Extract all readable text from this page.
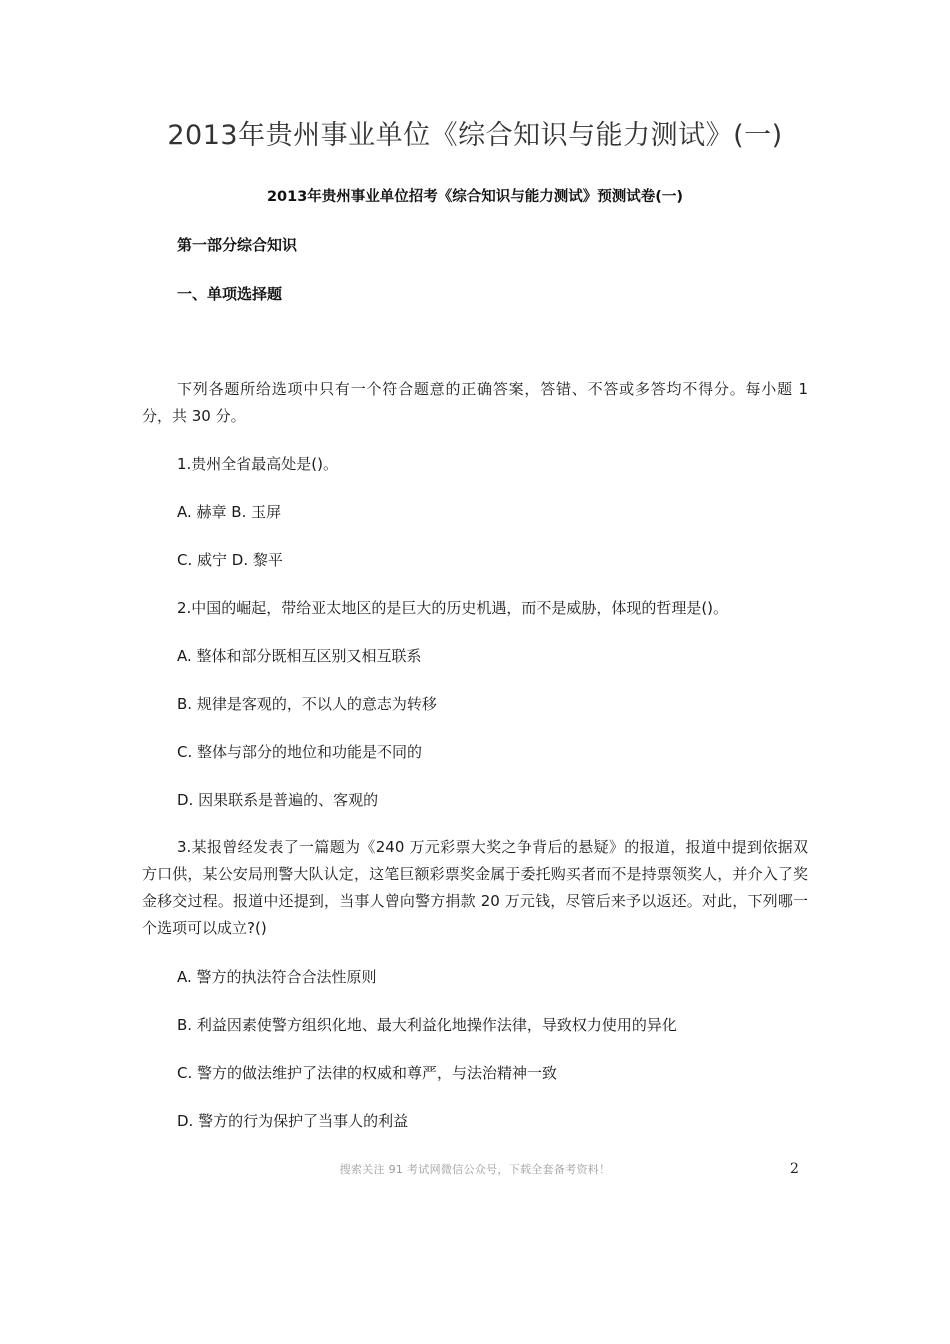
2013年贵州事业单位《综合知识与能力测试》(一)
2013年贵州事业单位招考《综合知识与能力测试》预测试卷(一)
第一部分综合知识
一、单项选择题
下列各题所给选项中只有一个符合题意的正确答案，答错、不答或多答均不得分。每小题 1 分，共 30 分。
1.贵州全省最高处是()。
A. 赫章 B. 玉屏
C. 威宁 D. 黎平
2.中国的崛起，带给亚太地区的是巨大的历史机遇，而不是威胁，体现的哲理是()。
A. 整体和部分既相互区别又相互联系
B. 规律是客观的，不以人的意志为转移
C. 整体与部分的地位和功能是不同的
D. 因果联系是普遍的、客观的
3.某报曾经发表了一篇题为《240 万元彩票大奖之争背后的悬疑》的报道，报道中提到依据双方口供，某公安局刑警大队认定，这笔巨额彩票奖金属于委托购买者而不是持票领奖人，并介入了奖金移交过程。报道中还提到，当事人曾向警方捐款 20 万元钱，尽管后来予以返还。对此，下列哪一个选项可以成立?()
A. 警方的执法符合合法性原则
B. 利益因素使警方组织化地、最大利益化地操作法律，导致权力使用的异化
C. 警方的做法维护了法律的权威和尊严，与法治精神一致
D. 警方的行为保护了当事人的利益
搜索关注 91 考试网微信公众号，下载全套备考资料！	2
